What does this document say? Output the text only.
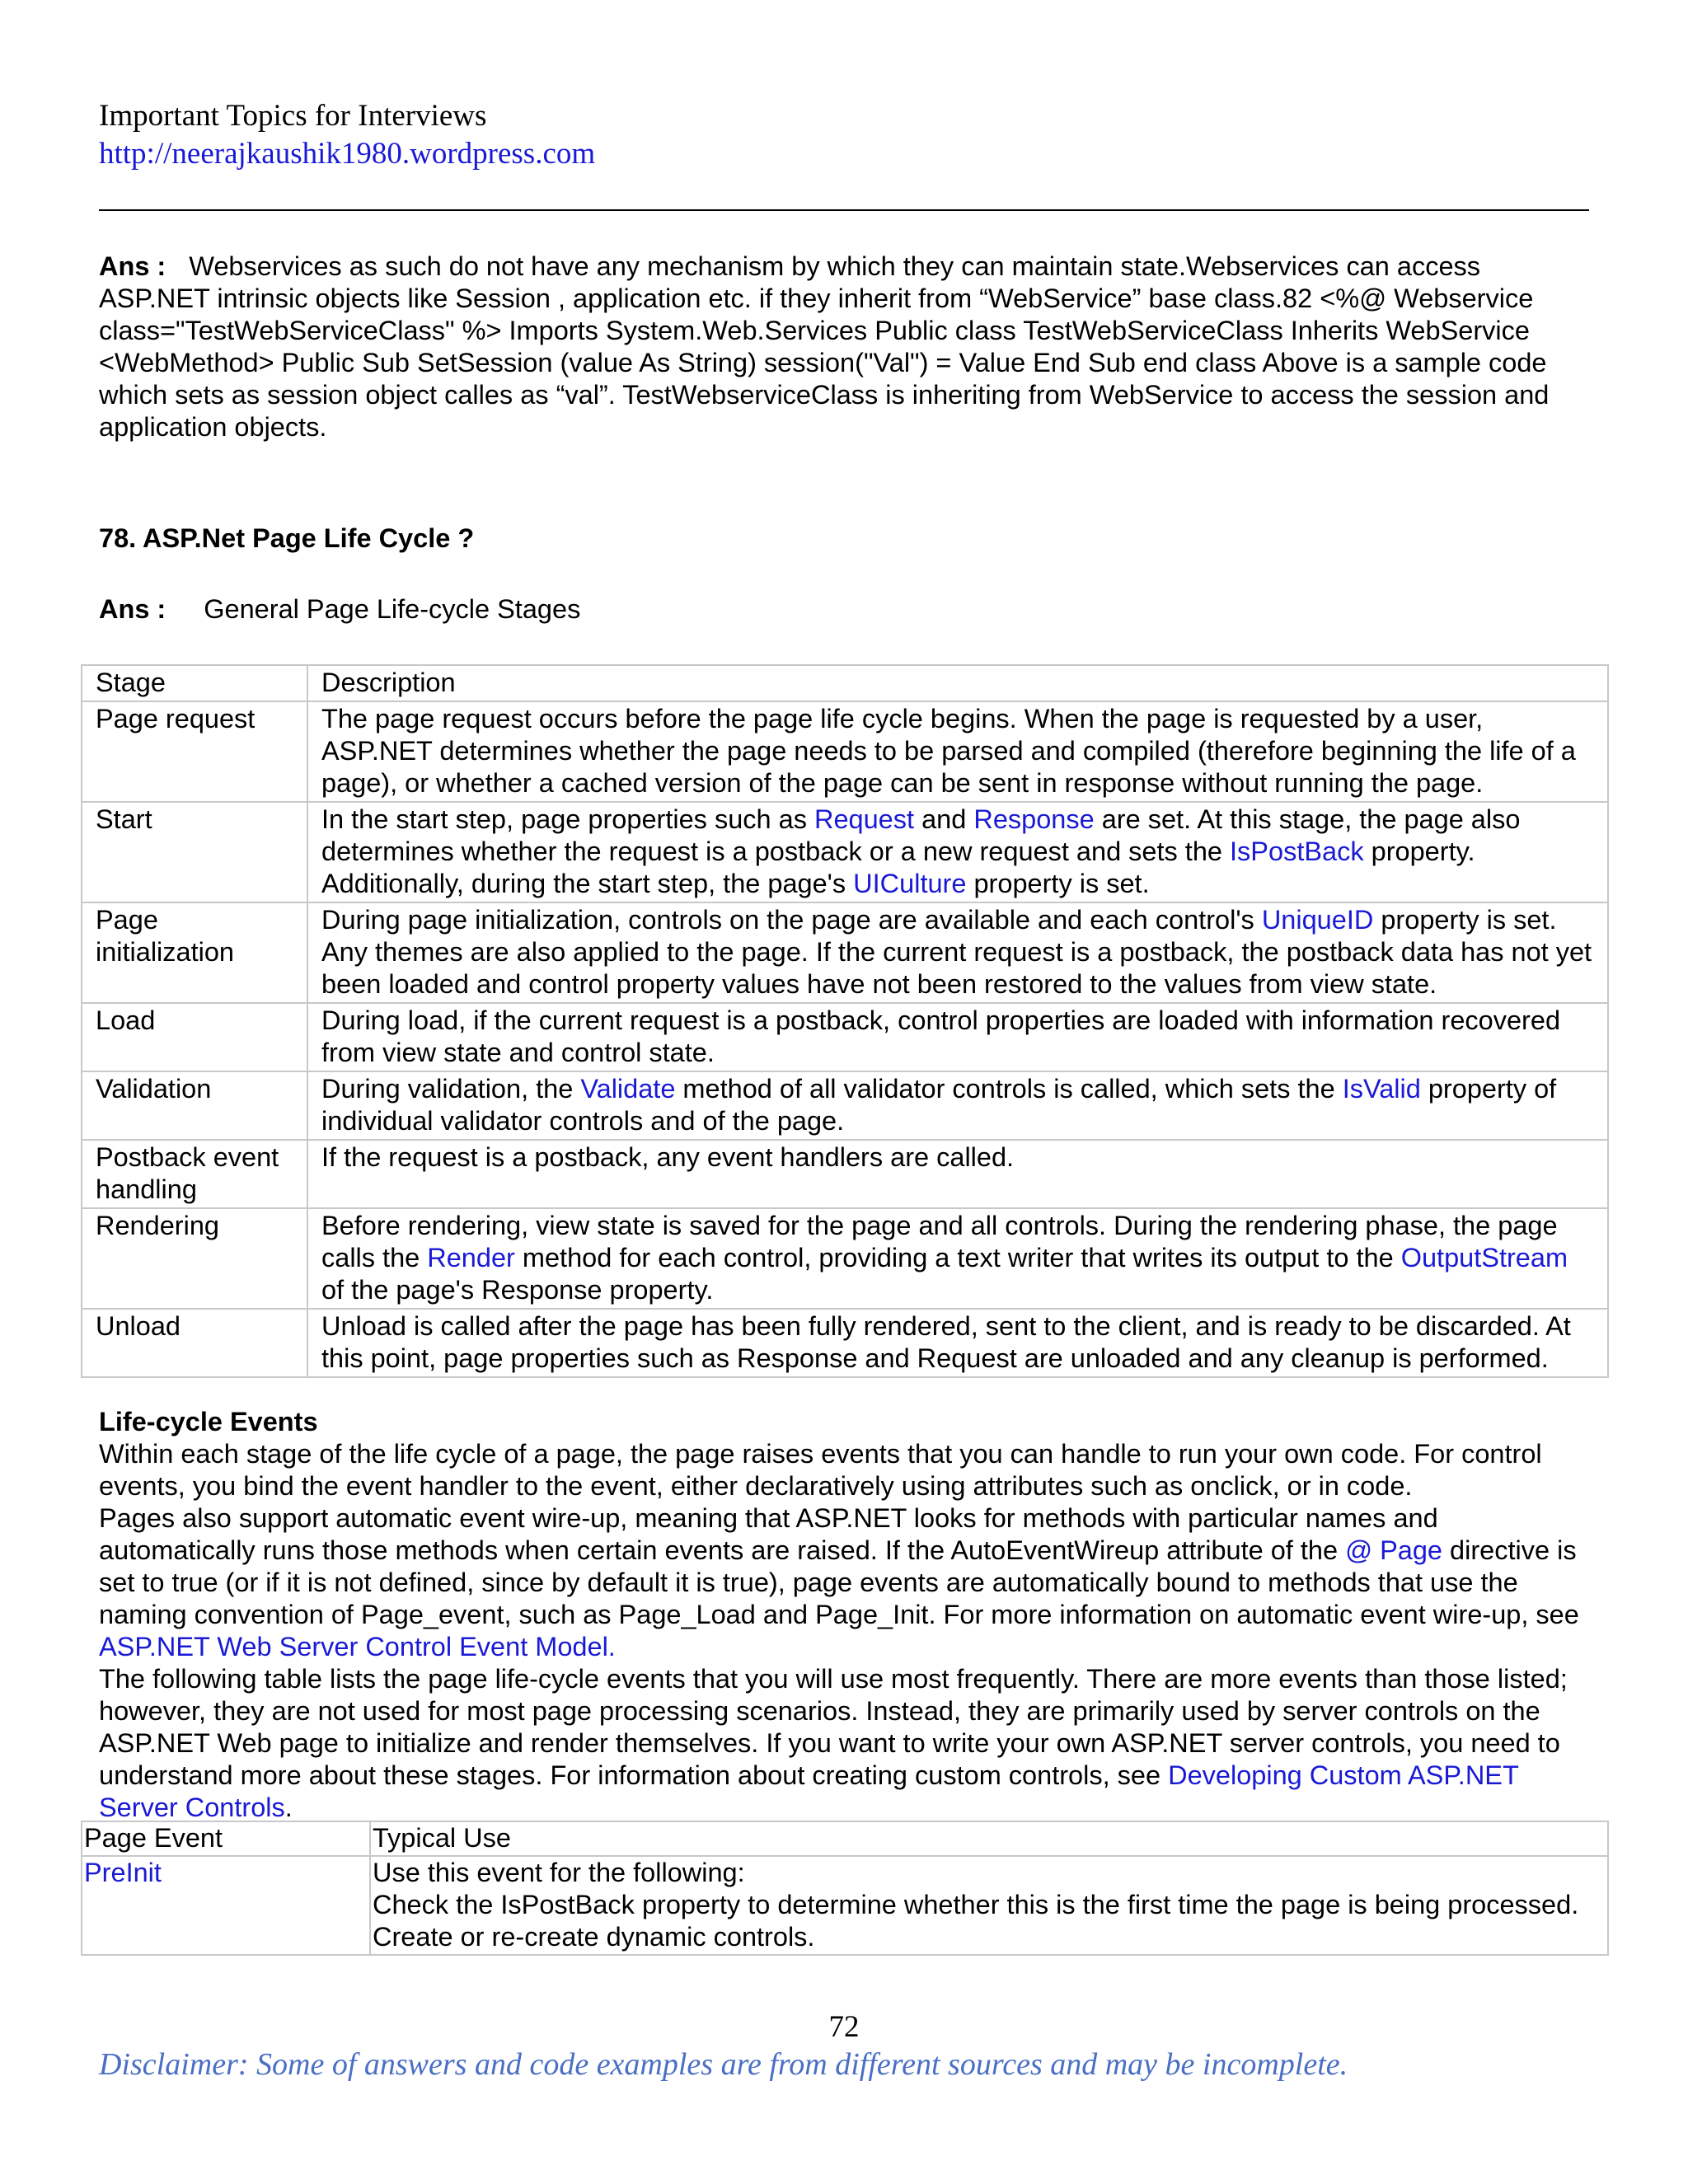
Important Topics for Interviews
http://neerajkaushik1980.wordpress.com
Ans : Webservices as such do not have any mechanism by which they can maintain state.Webservices can access ASP.NET intrinsic objects like Session , application etc. if they inherit from “WebService” base class.82 <%@ Webservice class="TestWebServiceClass" %> Imports System.Web.Services Public class TestWebServiceClass Inherits WebService <WebMethod> Public Sub SetSession (value As String) session("Val") = Value End Sub end class Above is a sample code which sets as session object calles as “val”. TestWebserviceClass is inheriting from WebService to access the session and application objects.
78. ASP.Net Page Life Cycle ?
Ans : General Page Life-cycle Stages
Stage	Description
Page request	The page request occurs before the page life cycle begins. When the page is requested by a user, ASP.NET determines whether the page needs to be parsed and compiled (therefore beginning the life of a page), or whether a cached version of the page can be sent in response without running the page.
Start	In the start step, page properties such as Request and Response are set. At this stage, the page also determines whether the request is a postback or a new request and sets the IsPostBack property. Additionally, during the start step, the page's UICulture property is set.
Page initialization	During page initialization, controls on the page are available and each control's UniqueID property is set. Any themes are also applied to the page. If the current request is a postback, the postback data has not yet been loaded and control property values have not been restored to the values from view state.
Load	During load, if the current request is a postback, control properties are loaded with information recovered from view state and control state.
Validation	During validation, the Validate method of all validator controls is called, which sets the IsValid property of individual validator controls and of the page.
Postback event handling	If the request is a postback, any event handlers are called.
Rendering	Before rendering, view state is saved for the page and all controls. During the rendering phase, the page calls the Render method for each control, providing a text writer that writes its output to the OutputStream of the page's Response property.
Unload	Unload is called after the page has been fully rendered, sent to the client, and is ready to be discarded. At this point, page properties such as Response and Request are unloaded and any cleanup is performed.
Life-cycle Events
Within each stage of the life cycle of a page, the page raises events that you can handle to run your own code. For control events, you bind the event handler to the event, either declaratively using attributes such as onclick, or in code.
Pages also support automatic event wire-up, meaning that ASP.NET looks for methods with particular names and automatically runs those methods when certain events are raised. If the AutoEventWireup attribute of the @ Page directive is set to true (or if it is not defined, since by default it is true), page events are automatically bound to methods that use the naming convention of Page_event, such as Page_Load and Page_Init. For more information on automatic event wire-up, see ASP.NET Web Server Control Event Model.
The following table lists the page life-cycle events that you will use most frequently. There are more events than those listed; however, they are not used for most page processing scenarios. Instead, they are primarily used by server controls on the ASP.NET Web page to initialize and render themselves. If you want to write your own ASP.NET server controls, you need to understand more about these stages. For information about creating custom controls, see Developing Custom ASP.NET Server Controls.
Page Event	Typical Use
PreInit	Use this event for the following:
Check the IsPostBack property to determine whether this is the first time the page is being processed.
Create or re-create dynamic controls.
72
Disclaimer: Some of answers and code examples are from different sources and may be incomplete.
